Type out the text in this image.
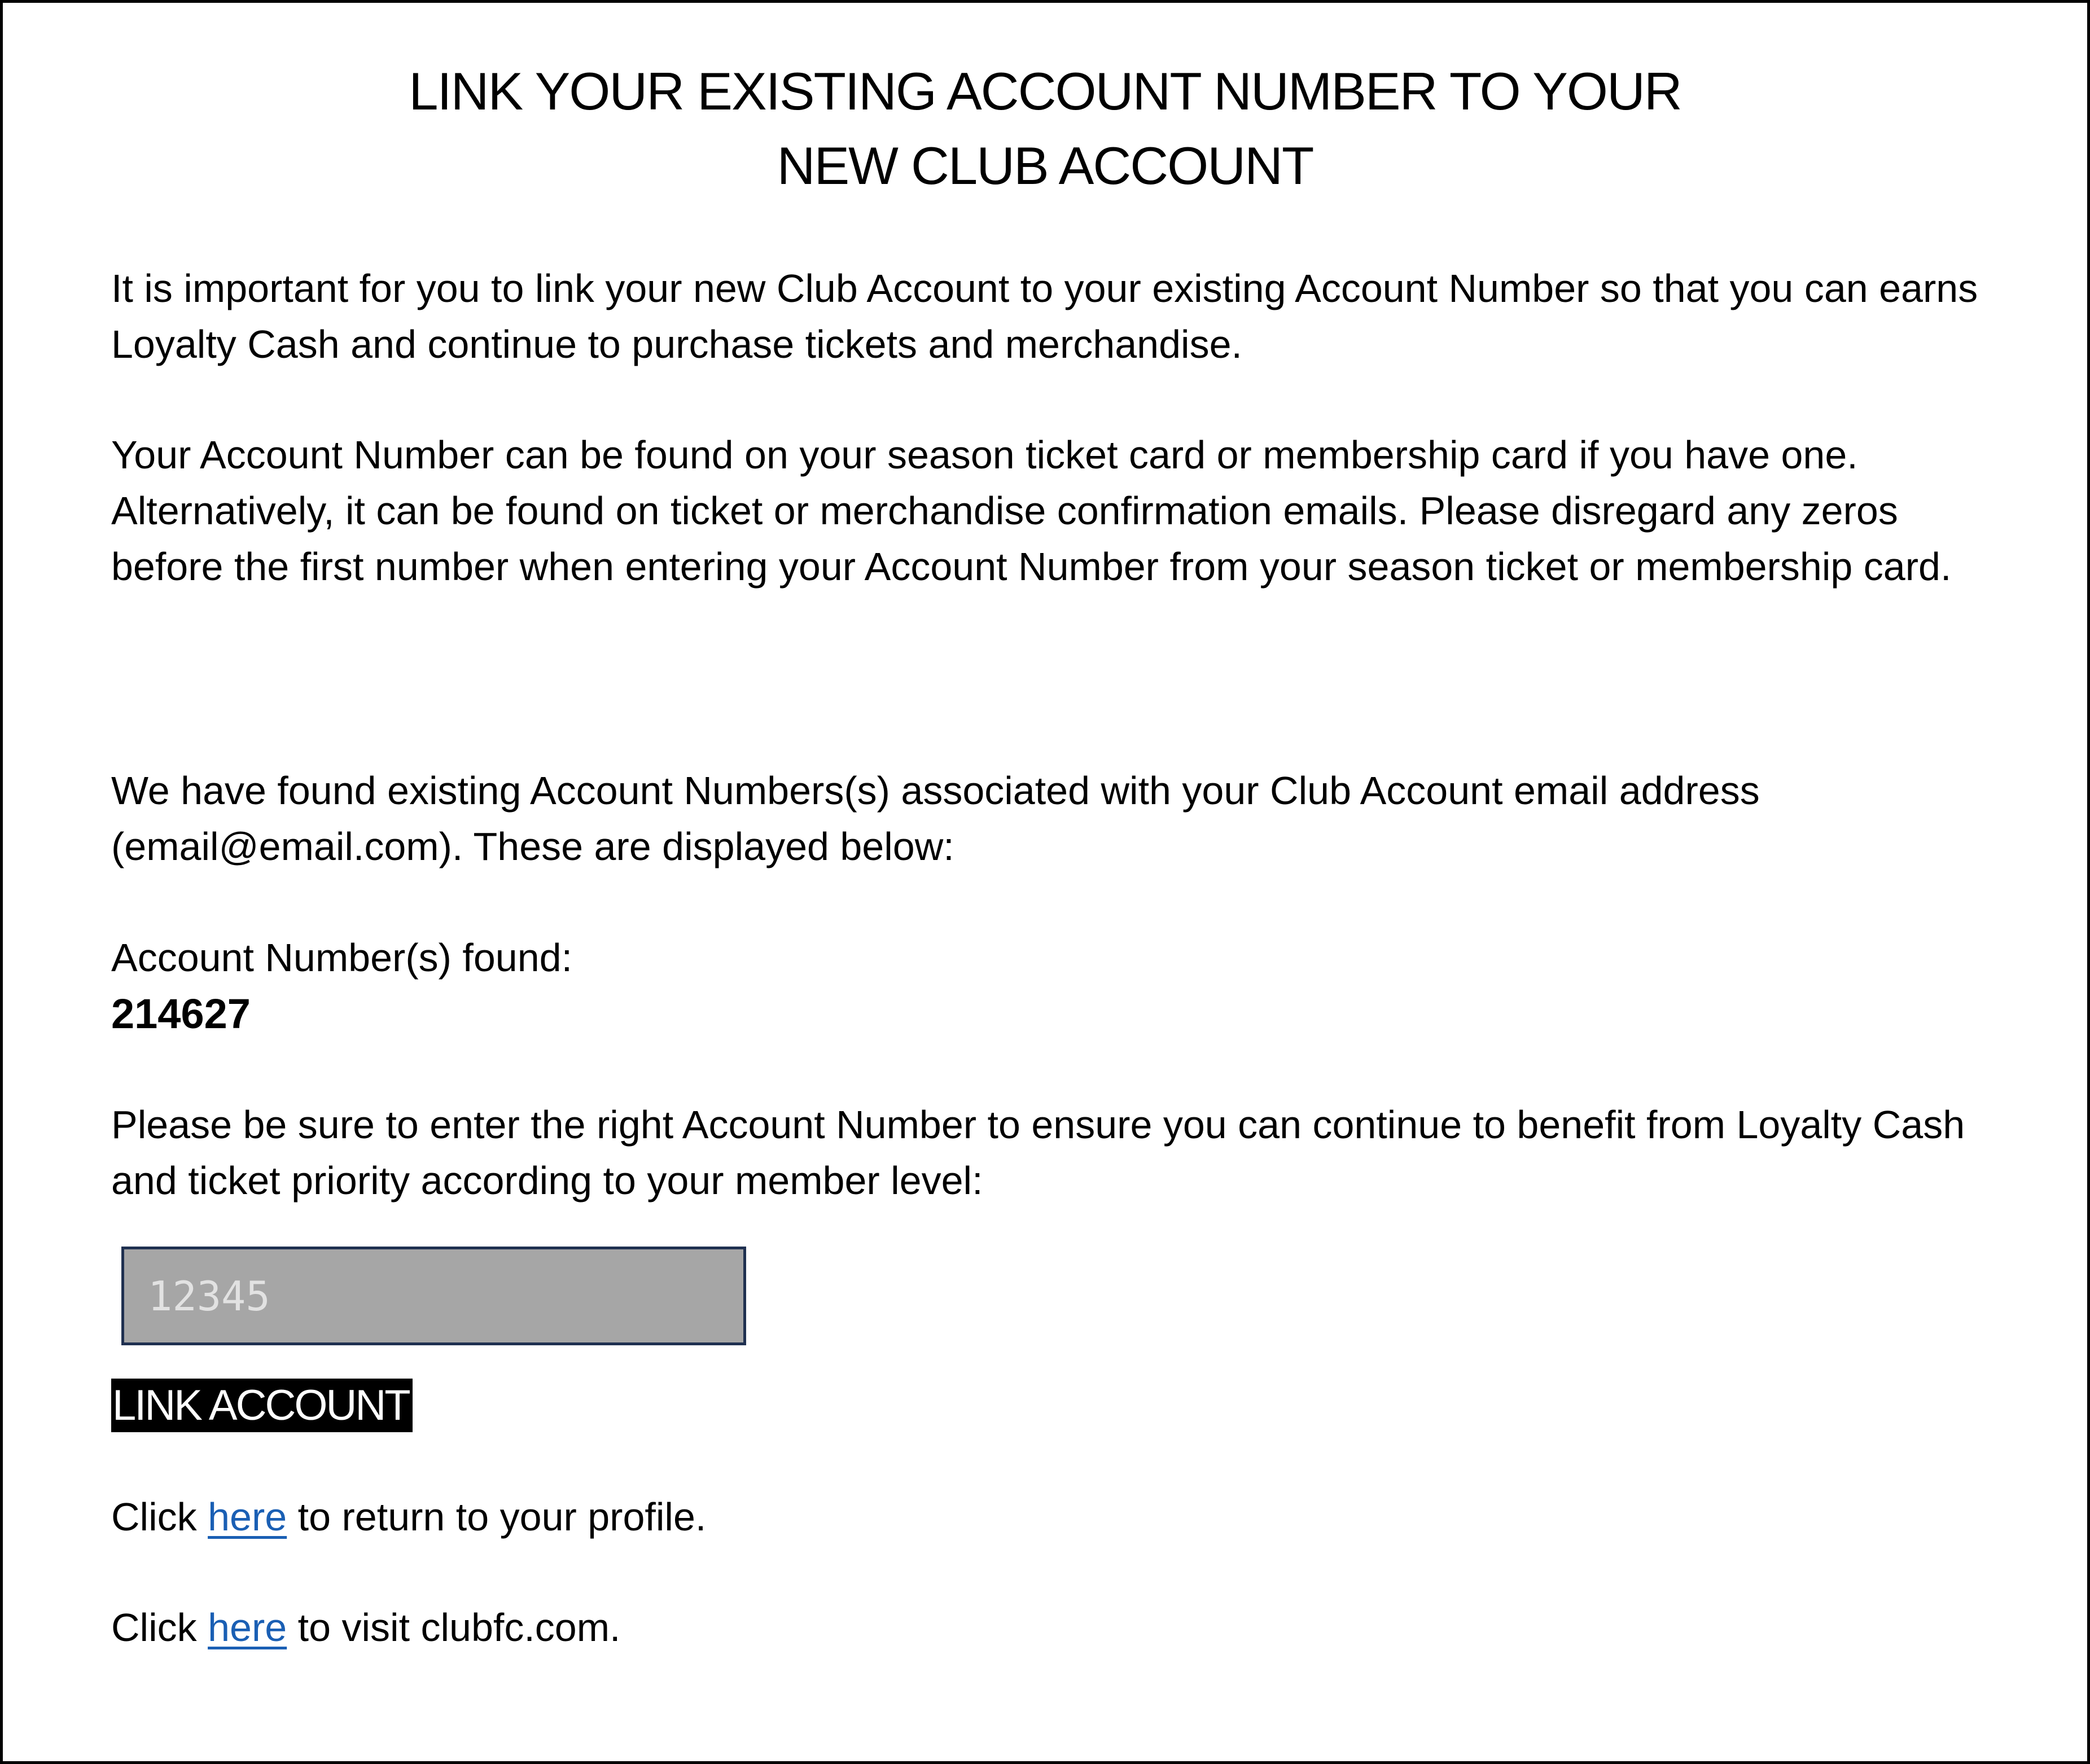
LINK YOUR EXISTING ACCOUNT NUMBER TO YOUR
NEW CLUB ACCOUNT

It is important for you to link your new Club Account to your existing Account Number so that you can earns Loyalty Cash and continue to purchase tickets and merchandise.

Your Account Number can be found on your season ticket card or membership card if you have one. Alternatively, it can be found on ticket or merchandise confirmation emails. Please disregard any zeros before the first number when entering your Account Number from your season ticket or membership card.

We have found existing Account Numbers(s) associated with your Club Account email address (email@email.com). These are displayed below:

Account Number(s) found:

214627

Please be sure to enter the right Account Number to ensure you can continue to benefit from Loyalty Cash and ticket priority according to your member level:

12345
LINK ACCOUNT

Click here to return to your profile.

Click here to visit clubfc.com.
